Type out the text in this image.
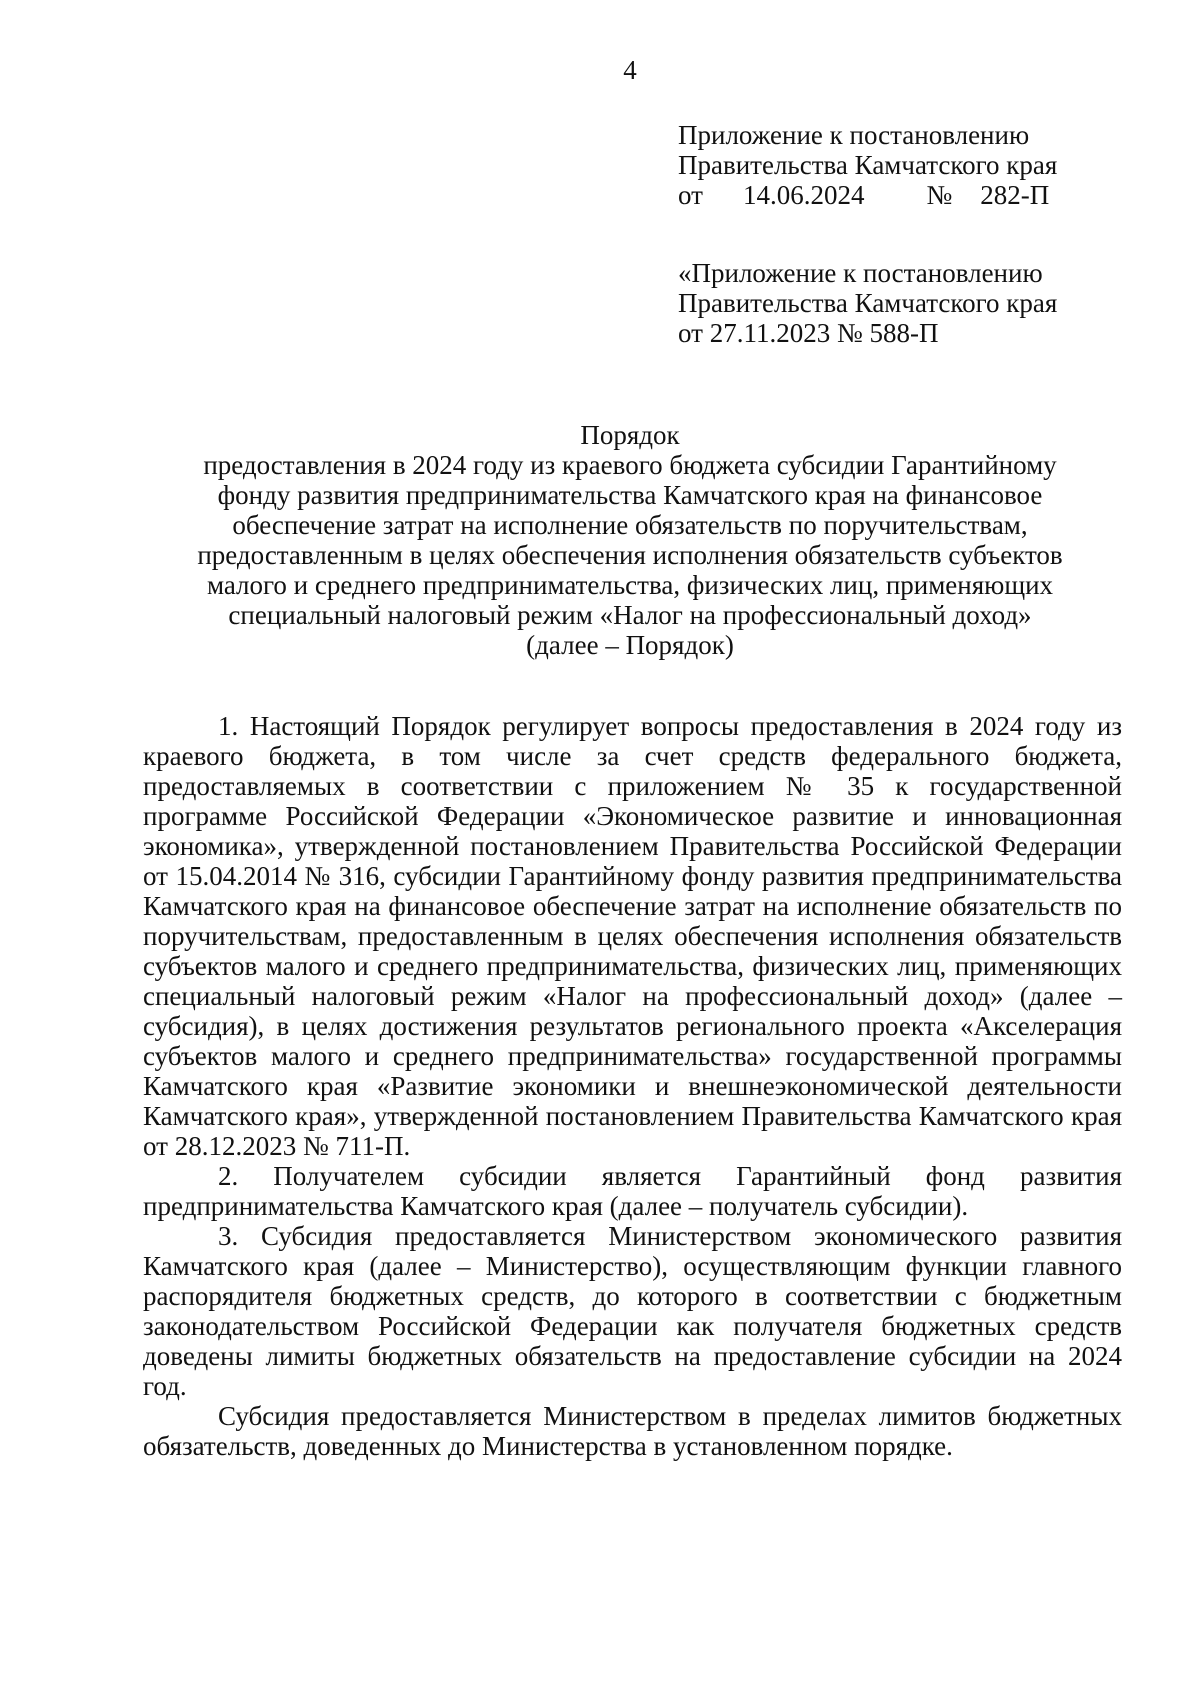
4
Приложение к постановлению
Правительства Камчатского края
от 14.06.2024 № 282-П
«Приложение к постановлению
Правительства Камчатского края
от 27.11.2023 № 588-П
Порядок
предоставления в 2024 году из краевого бюджета субсидии Гарантийному
фонду развития предпринимательства Камчатского края на финансовое
обеспечение затрат на исполнение обязательств по поручительствам,
предоставленным в целях обеспечения исполнения обязательств субъектов
малого и среднего предпринимательства, физических лиц, применяющих
специальный налоговый режим «Налог на профессиональный доход»
(далее – Порядок)

1. Настоящий Порядок регулирует вопросы предоставления в 2024 году из краевого бюджета, в том числе за счет средств федерального бюджета, предоставляемых в соответствии с приложением № 35 к государственной программе Российской Федерации «Экономическое развитие и инновационная экономика», утвержденной постановлением Правительства Российской Федерации от 15.04.2014 № 316, субсидии Гарантийному фонду развития предпринимательства Камчатского края на финансовое обеспечение затрат на исполнение обязательств по поручительствам, предоставленным в целях обеспечения исполнения обязательств субъектов малого и среднего предпринимательства, физических лиц, применяющих специальный налоговый режим «Налог на профессиональный доход» (далее – субсидия), в целях достижения результатов регионального проекта «Акселерация субъектов малого и среднего предпринимательства» государственной программы Камчатского края «Развитие экономики и внешнеэкономической деятельности Камчатского края», утвержденной постановлением Правительства Камчатского края от 28.12.2023 № 711-П.

2. Получателем субсидии является Гарантийный фонд развития предпринимательства Камчатского края (далее – получатель субсидии).

3. Субсидия предоставляется Министерством экономического развития Камчатского края (далее – Министерство), осуществляющим функции главного распорядителя бюджетных средств, до которого в соответствии с бюджетным законодательством Российской Федерации как получателя бюджетных средств доведены лимиты бюджетных обязательств на предоставление субсидии на 2024 год.

Субсидия предоставляется Министерством в пределах лимитов бюджетных обязательств, доведенных до Министерства в установленном порядке.
